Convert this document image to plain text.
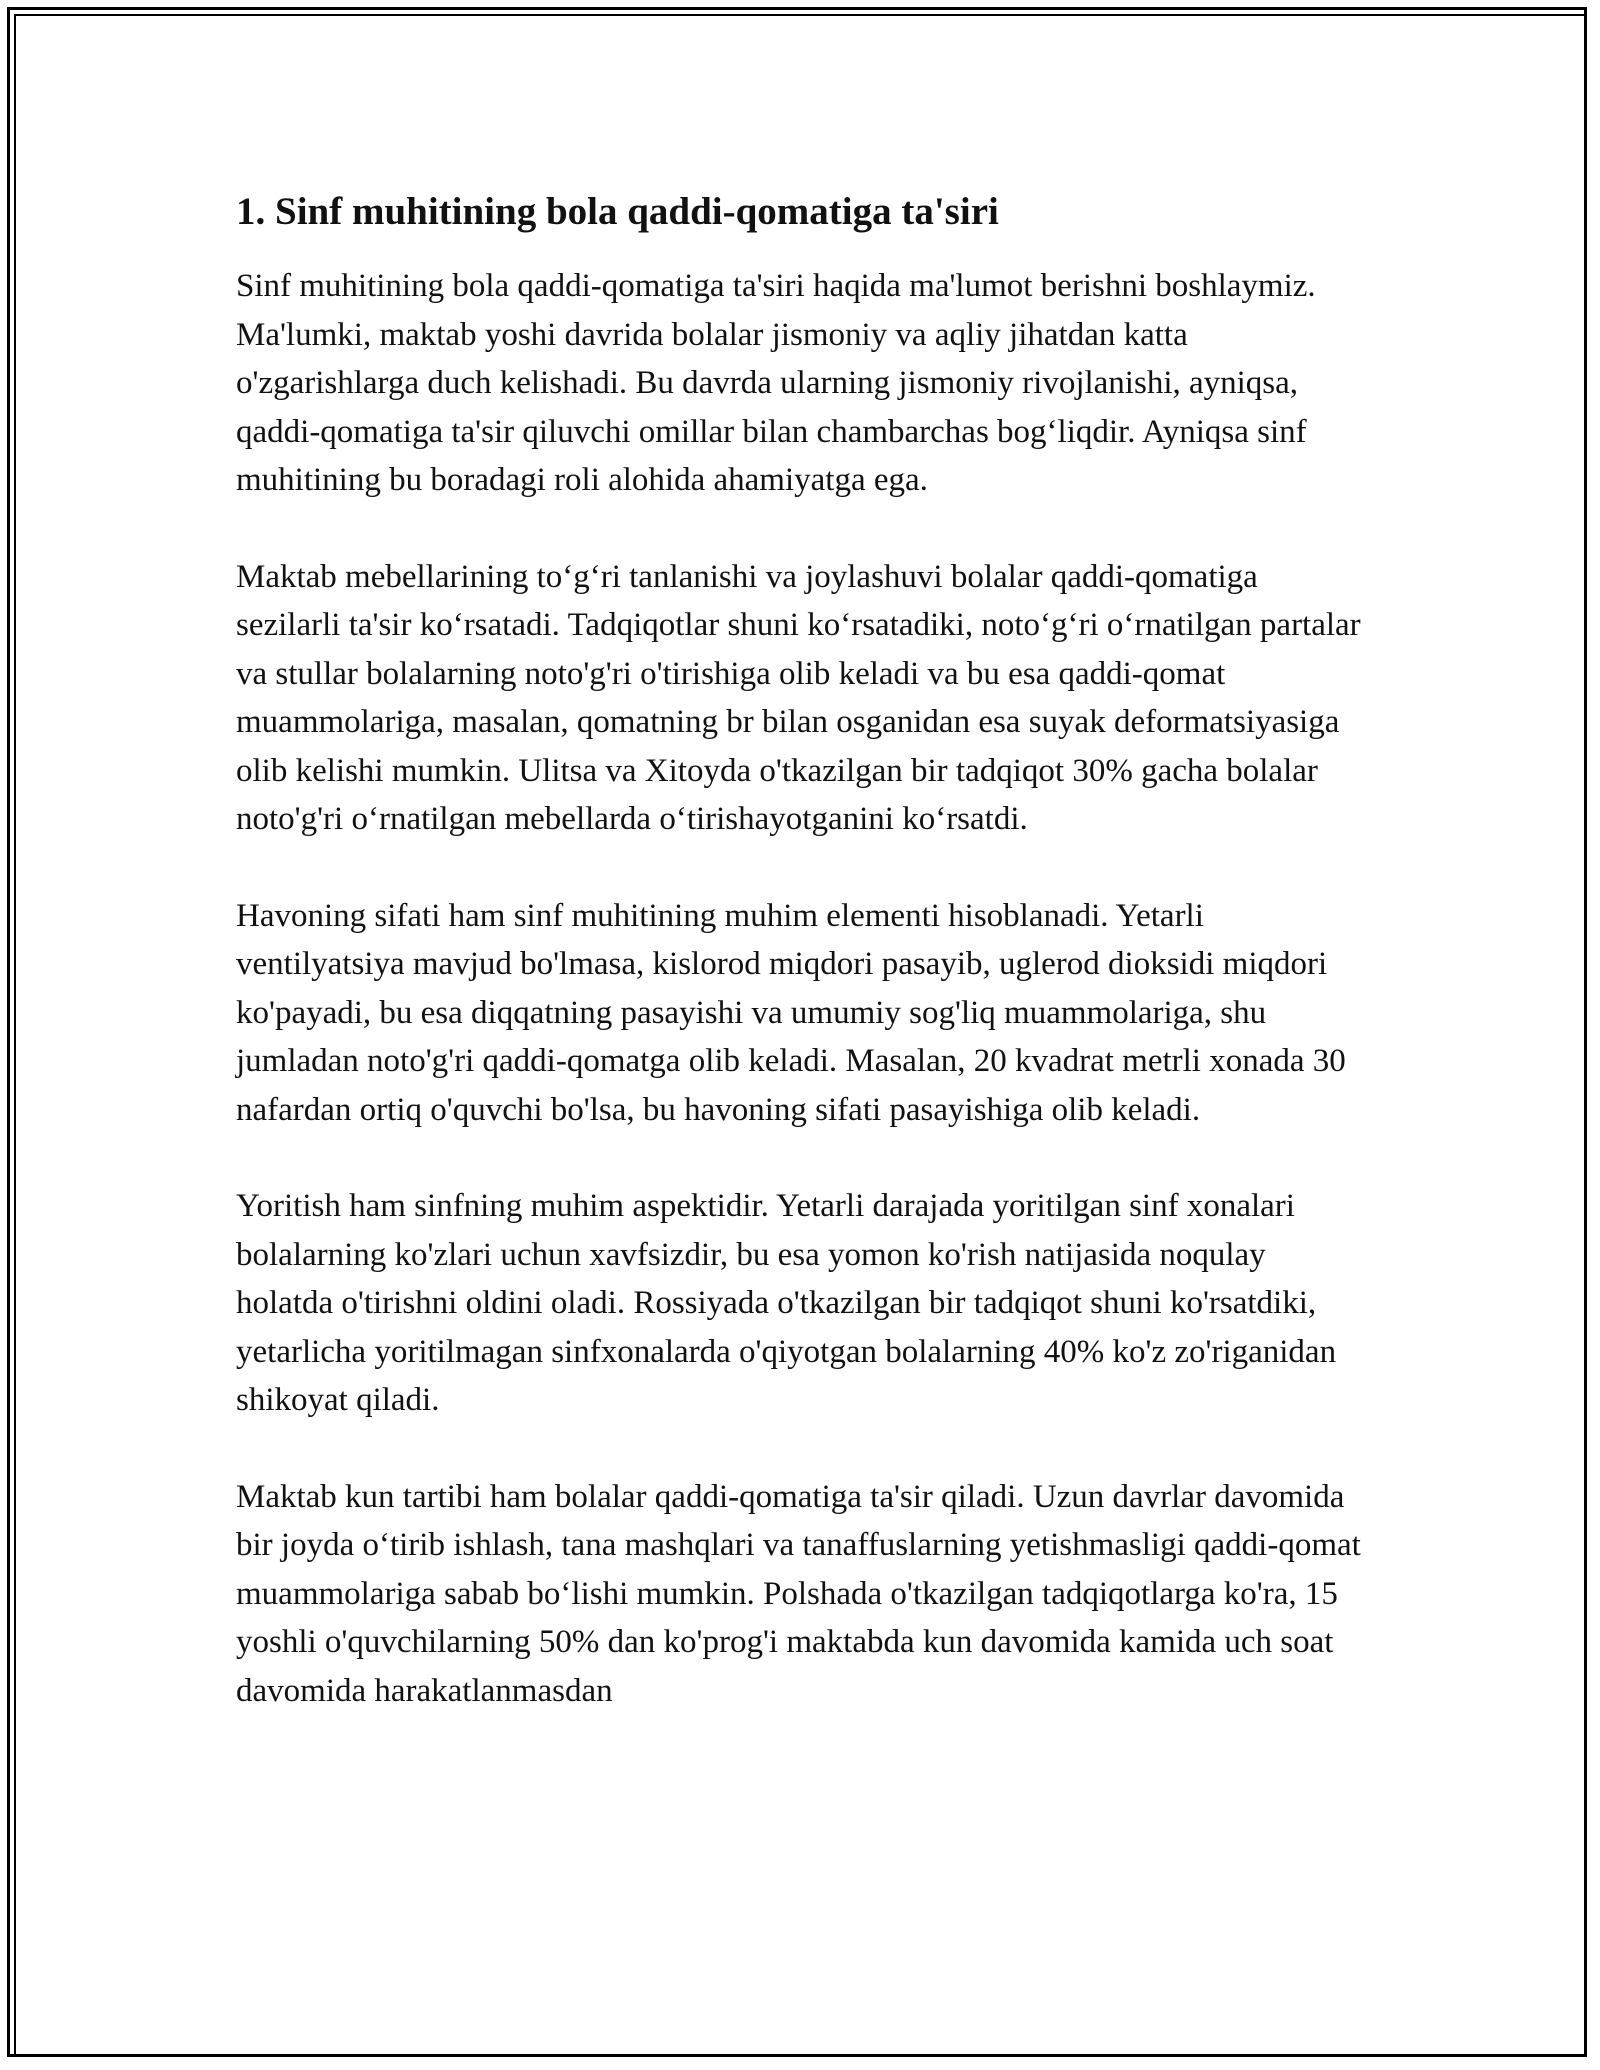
1. Sinf muhitining bola qaddi-qomatiga ta'siri

Sinf muhitining bola qaddi-qomatiga ta'siri haqida ma'lumot berishni boshlaymiz. Ma'lumki, maktab yoshi davrida bolalar jismoniy va aqliy jihatdan katta o'zgarishlarga duch kelishadi. Bu davrda ularning jismoniy rivojlanishi, ayniqsa, qaddi-qomatiga ta'sir qiluvchi omillar bilan chambarchas bog‘liqdir. Ayniqsa sinf muhitining bu boradagi roli alohida ahamiyatga ega.

Maktab mebellarining to‘g‘ri tanlanishi va joylashuvi bolalar qaddi-qomatiga sezilarli ta'sir ko‘rsatadi. Tadqiqotlar shuni ko‘rsatadiki, noto‘g‘ri o‘rnatilgan partalar va stullar bolalarning noto'g'ri o'tirishiga olib keladi va bu esa qaddi-qomat muammolariga, masalan, qomatning br bilan osganidan esa suyak deformatsiyasiga olib kelishi mumkin. Ulitsa va Xitoyda o'tkazilgan bir tadqiqot 30% gacha bolalar noto'g'ri o‘rnatilgan mebellarda o‘tirishayotganini ko‘rsatdi.

Havoning sifati ham sinf muhitining muhim elementi hisoblanadi. Yetarli ventilyatsiya mavjud bo'lmasa, kislorod miqdori pasayib, uglerod dioksidi miqdori ko'payadi, bu esa diqqatning pasayishi va umumiy sog'liq muammolariga, shu jumladan noto'g'ri qaddi-qomatga olib keladi. Masalan, 20 kvadrat metrli xonada 30 nafardan ortiq o'quvchi bo'lsa, bu havoning sifati pasayishiga olib keladi.

Yoritish ham sinfning muhim aspektidir. Yetarli darajada yoritilgan sinf xonalari bolalarning ko'zlari uchun xavfsizdir, bu esa yomon ko'rish natijasida noqulay holatda o'tirishni oldini oladi. Rossiyada o'tkazilgan bir tadqiqot shuni ko'rsatdiki, yetarlicha yoritilmagan sinfxonalarda o'qiyotgan bolalarning 40% ko'z zo'riganidan shikoyat qiladi.

Maktab kun tartibi ham bolalar qaddi-qomatiga ta'sir qiladi. Uzun davrlar davomida bir joyda o‘tirib ishlash, tana mashqlari va tanaffuslarning yetishmasligi qaddi-qomat muammolariga sabab bo‘lishi mumkin. Polshada o'tkazilgan tadqiqotlarga ko'ra, 15 yoshli o'quvchilarning 50% dan ko'prog'i maktabda kun davomida kamida uch soat davomida harakatlanmasdan
